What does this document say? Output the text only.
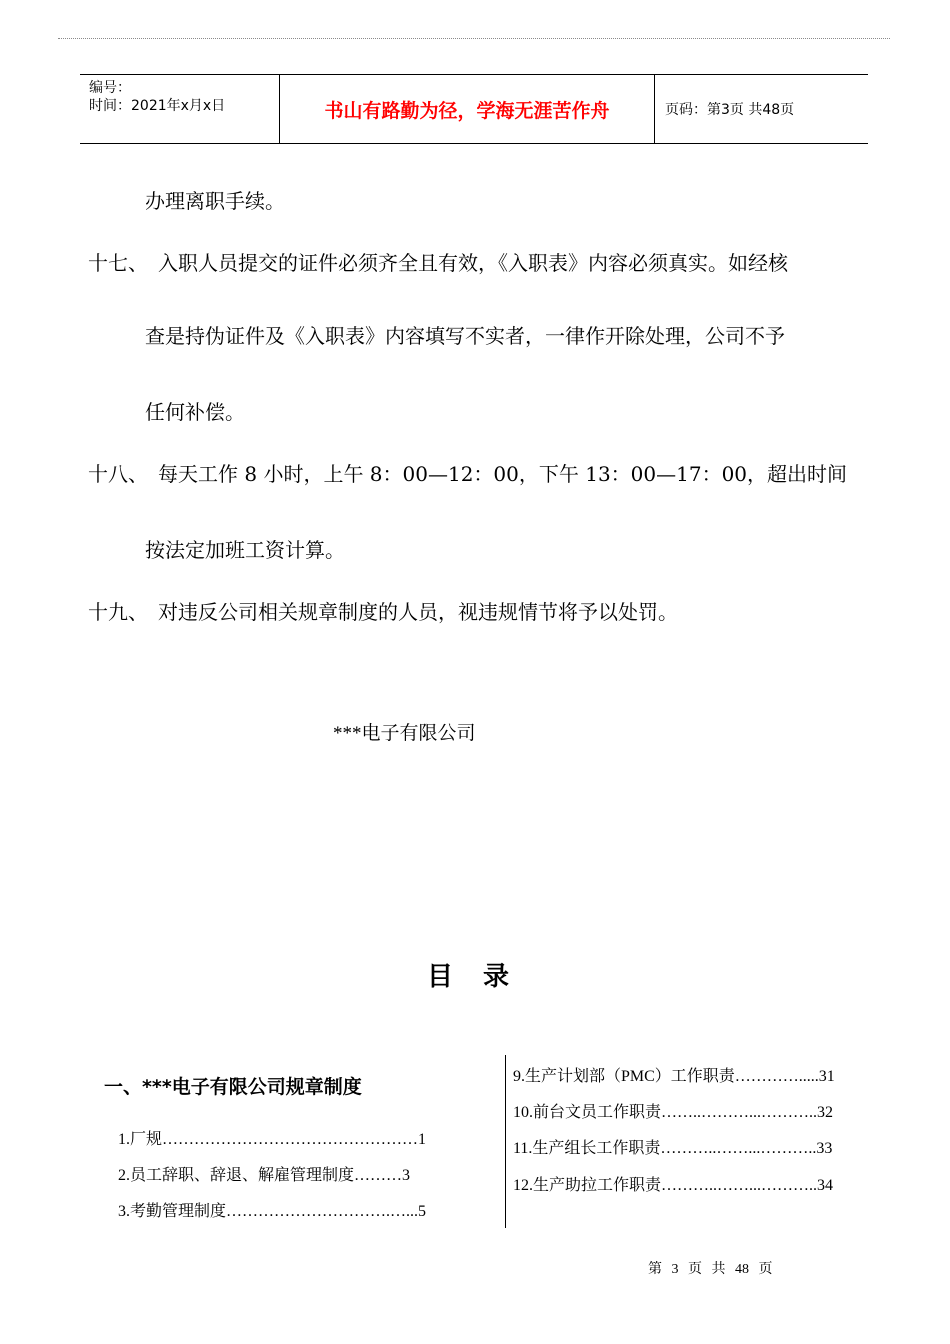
编号：
时间：2021年x月x日	书山有路勤为径，学海无涯苦作舟	页码：第3页 共48页
办理离职手续。
十七、 入职人员提交的证件必须齐全且有效，《入职表》内容必须真实。如经核
查是持伪证件及《入职表》内容填写不实者，一律作开除处理，公司不予
任何补偿。
十八、 每天工作 8 小时，上午 8：00—12：00，下午 13：00—17：00，超出时间
按法定加班工资计算。
十九、 对违反公司相关规章制度的人员，视违规情节将予以处罚。
***电子有限公司
目录
一、***电子有限公司规章制度
1.厂规…………………………………………1
2.员工辞职、辞退、解雇管理制度………3
3.考勤管理制度………………………….…...5
9.生产计划部（PMC）工作职责………….....31
10.前台文员工作职责……..………...………..32
11.生产组长工作职责………..……...………..33
12.生产助拉工作职责………..……...………..34
第 3 页 共 48 页
